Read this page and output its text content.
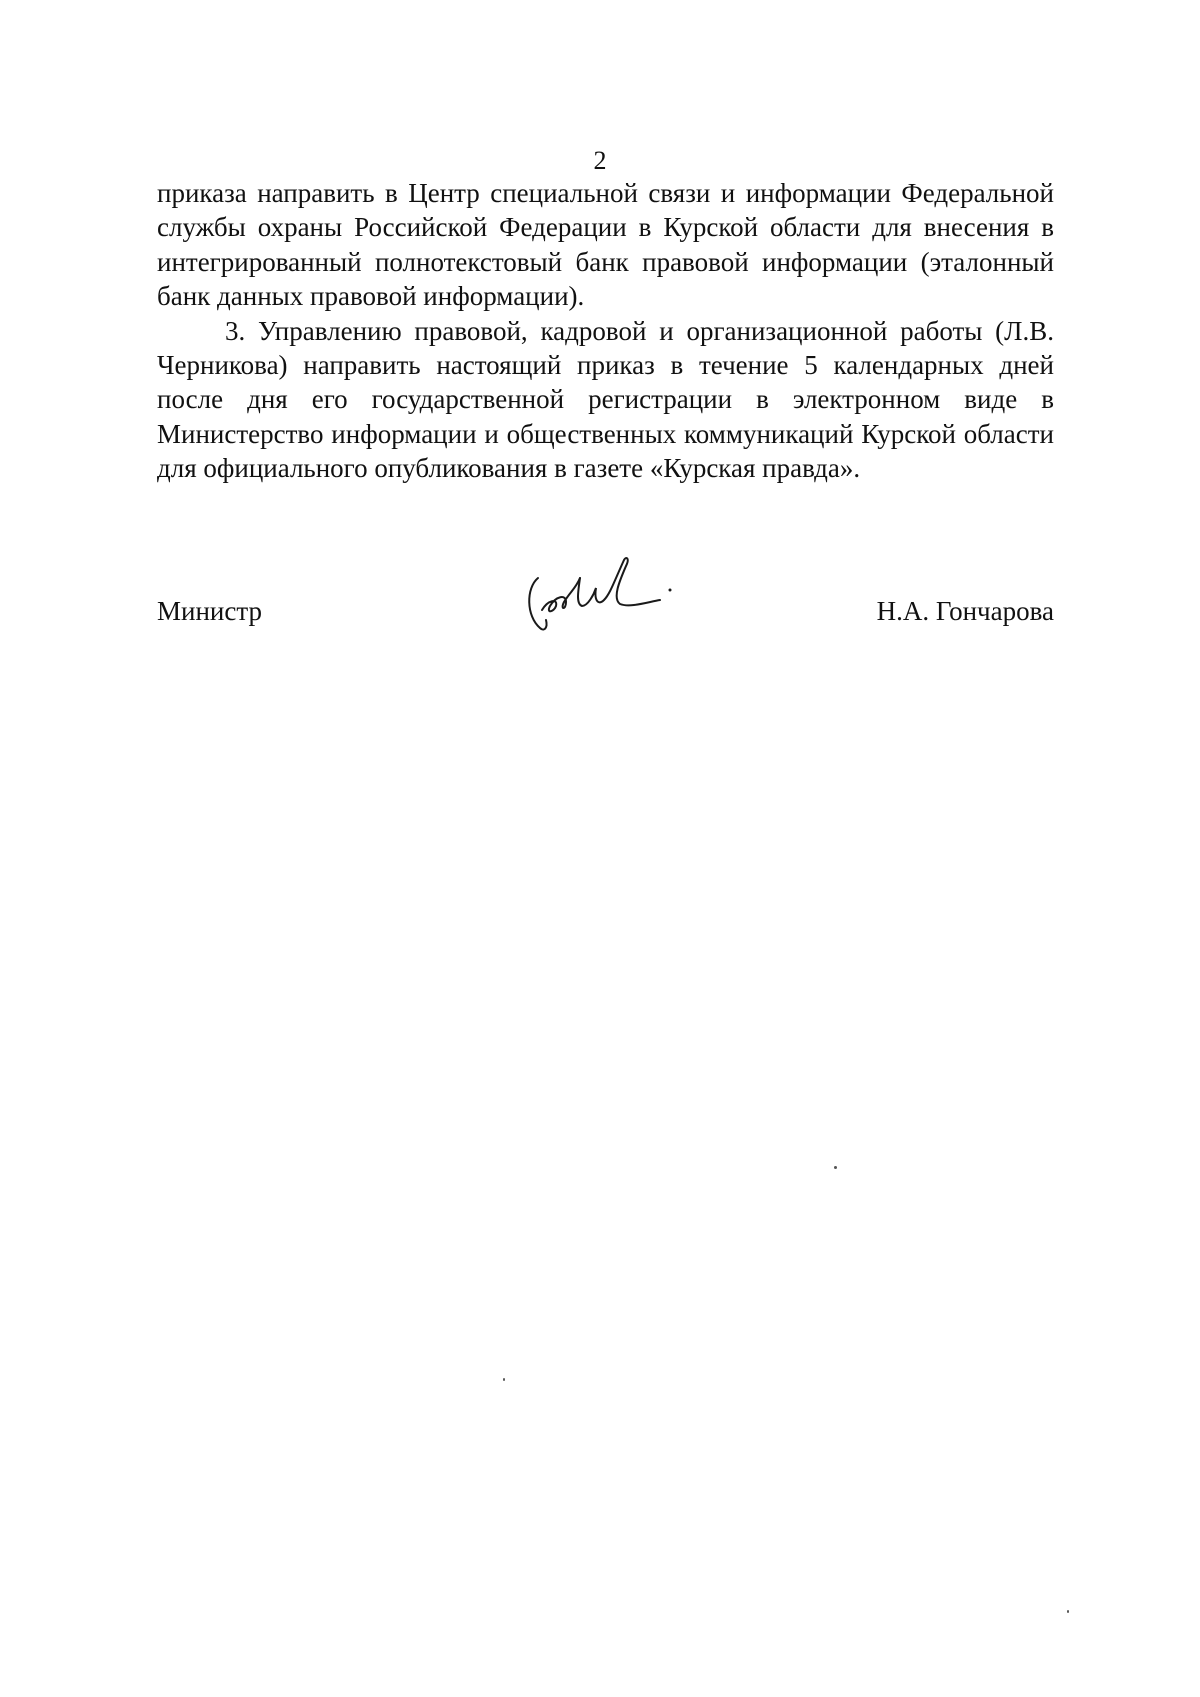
2

приказа направить в Центр специальной связи и информации Федеральной службы охраны Российской Федерации в Курской области для внесения в интегрированный полнотекстовый банк правовой информации (эталонный банк данных правовой информации).

3. Управлению правовой, кадровой и организационной работы (Л.В. Черникова) направить настоящий приказ в течение 5 календарных дней после дня его государственной регистрации в электронном виде в Министерство информации и общественных коммуникаций Курской области для официального опубликования в газете «Курская правда».

Министр	Н.А. Гончарова
